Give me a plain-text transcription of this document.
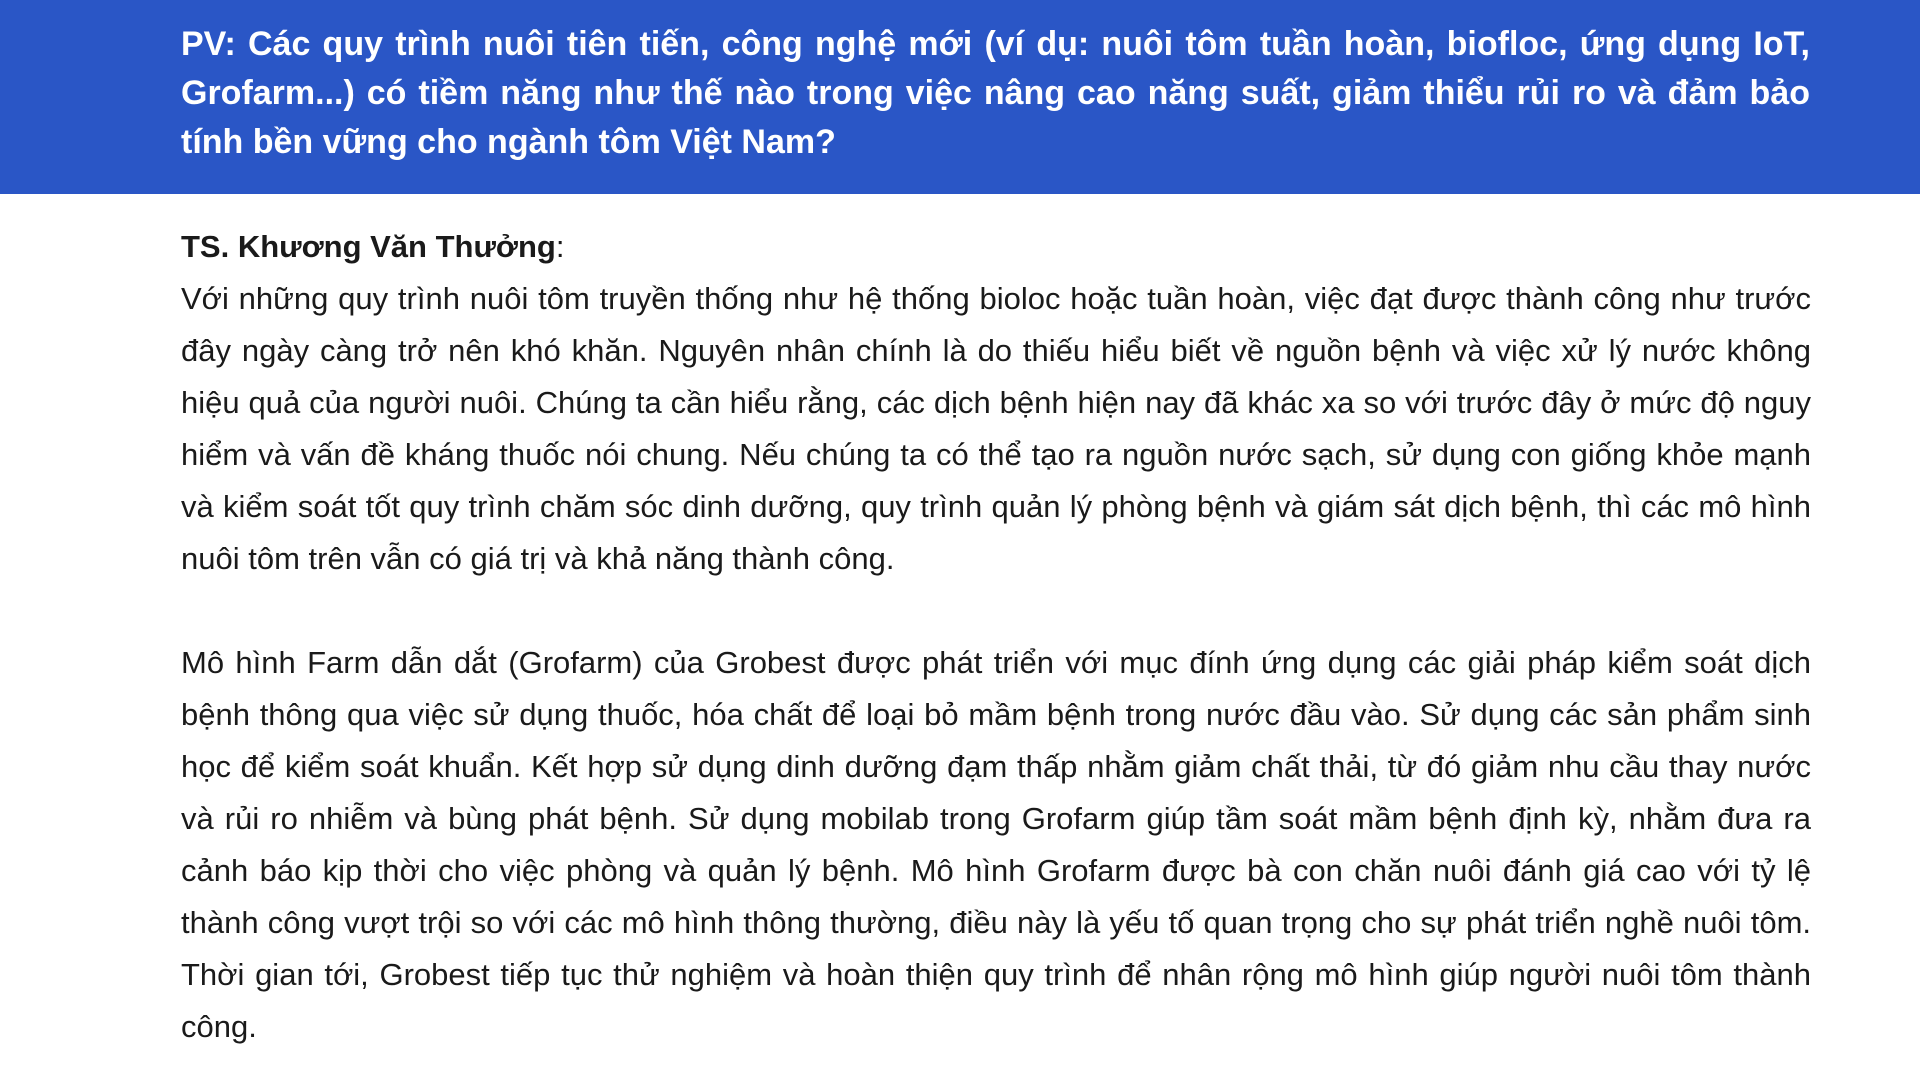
PV: Các quy trình nuôi tiên tiến, công nghệ mới (ví dụ: nuôi tôm tuần hoàn, biofloc, ứng dụng IoT, Grofarm...) có tiềm năng như thế nào trong việc nâng cao năng suất, giảm thiểu rủi ro và đảm bảo tính bền vững cho ngành tôm Việt Nam?

TS. Khương Văn Thưởng:

Với những quy trình nuôi tôm truyền thống như hệ thống bioloc hoặc tuần hoàn, việc đạt được thành công như trước đây ngày càng trở nên khó khăn. Nguyên nhân chính là do thiếu hiểu biết về nguồn bệnh và việc xử lý nước không hiệu quả của người nuôi. Chúng ta cần hiểu rằng, các dịch bệnh hiện nay đã khác xa so với trước đây ở mức độ nguy hiểm và vấn đề kháng thuốc nói chung. Nếu chúng ta có thể tạo ra nguồn nước sạch, sử dụng con giống khỏe mạnh và kiểm soát tốt quy trình chăm sóc dinh dưỡng, quy trình quản lý phòng bệnh và giám sát dịch bệnh, thì các mô hình nuôi tôm trên vẫn có giá trị và khả năng thành công.

Mô hình Farm dẫn dắt (Grofarm) của Grobest được phát triển với mục đính ứng dụng các giải pháp kiểm soát dịch bệnh thông qua việc sử dụng thuốc, hóa chất để loại bỏ mầm bệnh trong nước đầu vào. Sử dụng các sản phẩm sinh học để kiểm soát khuẩn. Kết hợp sử dụng dinh dưỡng đạm thấp nhằm giảm chất thải, từ đó giảm nhu cầu thay nước và rủi ro nhiễm và bùng phát bệnh. Sử dụng mobilab trong Grofarm giúp tầm soát mầm bệnh định kỳ, nhằm đưa ra cảnh báo kịp thời cho việc phòng và quản lý bệnh. Mô hình Grofarm được bà con chăn nuôi đánh giá cao với tỷ lệ thành công vượt trội so với các mô hình thông thường, điều này là yếu tố quan trọng cho sự phát triển nghề nuôi tôm. Thời gian tới, Grobest tiếp tục thử nghiệm và hoàn thiện quy trình để nhân rộng mô hình giúp người nuôi tôm thành công.
